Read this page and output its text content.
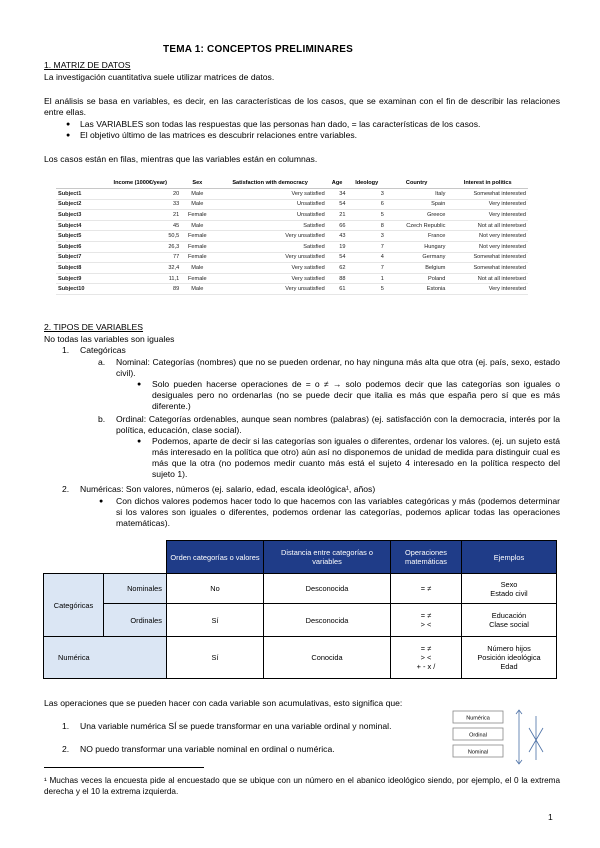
TEMA 1: CONCEPTOS PRELIMINARES
1. MATRIZ DE DATOS
La investigación cuantitativa suele utilizar matrices de datos.
El análisis se basa en variables, es decir, en las características de los casos, que se examinan con el fin de describir las relaciones entre ellas.
● Las VARIABLES son todas las respuestas que las personas han dado, = las características de los casos.
● El objetivo último de las matrices es descubrir relaciones entre variables.
Los casos están en filas, mientras que las variables están en columnas.
	Income (1000€/year)	Sex	Satisfaction with democracy	Age	Ideology	Country	Interest in politics
Subject1	20	Male	Very satisfied	34	3	Italy	Somewhat interested
Subject2	33	Male	Unsatisfied	54	6	Spain	Very interested
Subject3	21	Female	Unsatisfied	21	5	Greece	Very interested
Subject4	45	Male	Satisfied	66	8	Czech Republic	Not at all interetsed
Subject5	50,5	Female	Very unsatisfied	43	3	France	Not very interested
Subject6	26,3	Female	Satisfied	19	7	Hungary	Not very interested
Subject7	77	Female	Very unsatisfied	54	4	Germany	Somewhat interested
Subject8	32,4	Male	Very satisfied	62	7	Belgium	Somewhat interested
Subject9	11,1	Female	Very satisfied	88	1	Poland	Not at all interetsed
Subject10	89	Male	Very unsatisfied	61	5	Estonia	Very interested
2. TIPOS DE VARIABLES
No todas las variables son iguales
1. Categóricas
a. Nominal: Categorías (nombres) que no se pueden ordenar, no hay ninguna más alta que otra (ej. país, sexo, estado civil).
● Solo pueden hacerse operaciones de = o ≠ → solo podemos decir que las categorías son iguales o desiguales pero no ordenarlas (no se puede decir que italia es más que españa pero sí que es más diferente.)
b. Ordinal: Categorías ordenables, aunque sean nombres (palabras) (ej. satisfacción con la democracia, interés por la política, educación, clase social).
● Podemos, aparte de decir si las categorías son iguales o diferentes, ordenar los valores. (ej. un sujeto está más interesado en la política que otro) aún así no disponemos de unidad de medida para distinguir cual es más que la otra (no podemos medir cuanto más está el sujeto 4 interesado en la política respecto del sujeto 1).
2. Numéricas: Son valores, números (ej. salario, edad, escala ideológica¹, años)
● Con dichos valores podemos hacer todo lo que hacemos con las variables categóricas y más (podemos determinar si los valores son iguales o diferentes, podemos ordenar las categorías, podemos aplicar todas las operaciones matemáticas).
		Orden categorías o valores	Distancia entre categorías o variables	Operaciones matemáticas	Ejemplos
Categóricas	Nominales	No	Desconocida	= ≠	Sexo
Estado civil
	Ordinales	Sí	Desconocida	= ≠
> <	Educación
Clase social
Numérica		Sí	Conocida	= ≠
> <
+ - x /	Número hijos
Posición ideológica
Edad
Las operaciones que se pueden hacer con cada variable son acumulativas, esto significa que:
1. Una variable numérica SÍ se puede transformar en una variable ordinal y nominal.
2. NO puedo transformar una variable nominal en ordinal o numérica.
Numérica
Ordinal
Nominal
¹ Muchas veces la encuesta pide al encuestado que se ubique con un número en el abanico ideológico siendo, por ejemplo, el 0 la extrema derecha y el 10 la extrema izquierda.
1
